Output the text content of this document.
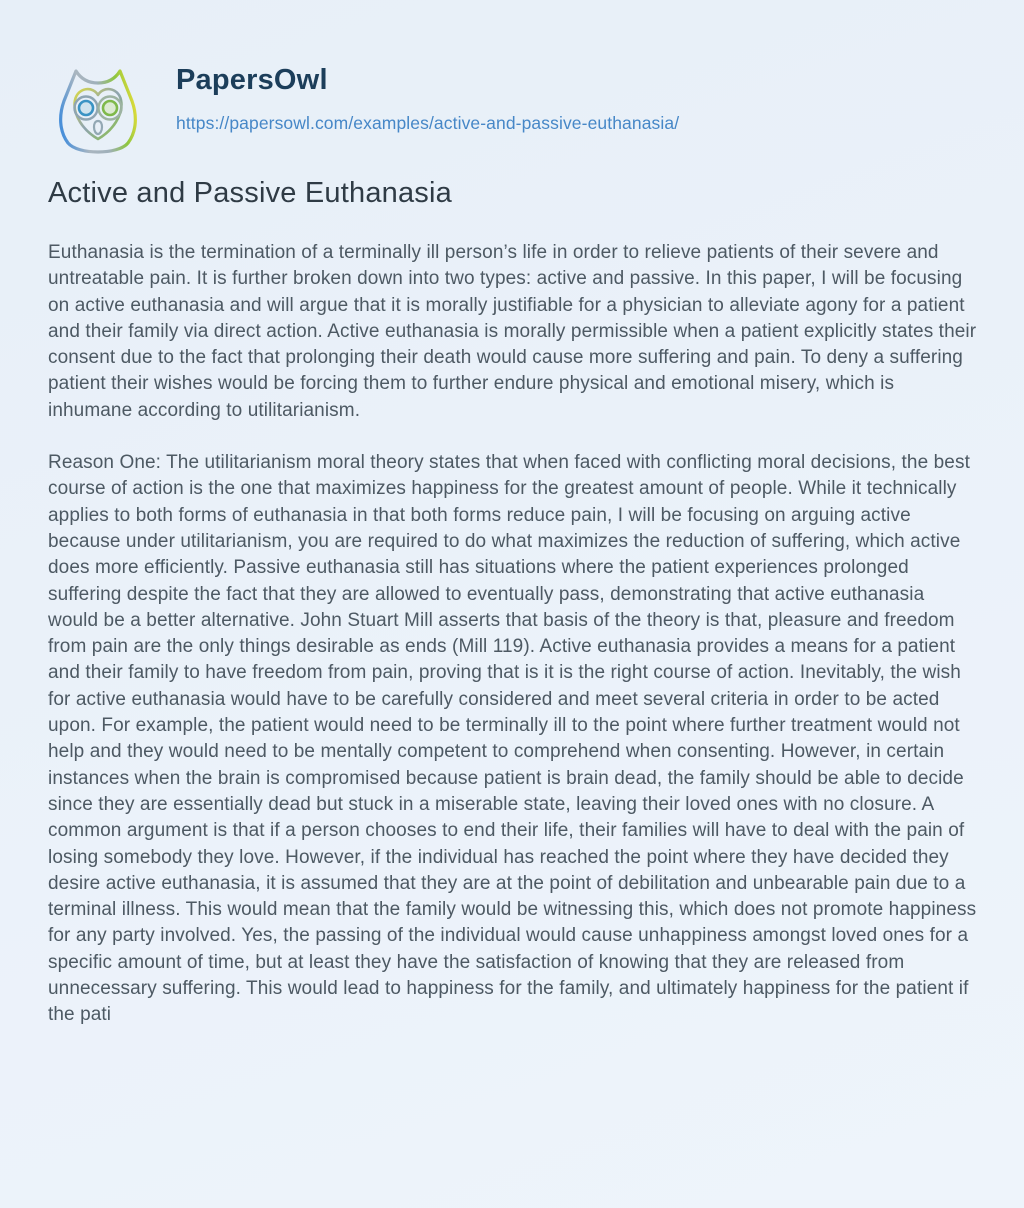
PapersOwl
https://papersowl.com/examples/active-and-passive-euthanasia/
Active and Passive Euthanasia

Euthanasia is the termination of a terminally ill person’s life in order to relieve patients of their severe and untreatable pain. It is further broken down into two types: active and passive. In this paper, I will be focusing on active euthanasia and will argue that it is morally justifiable for a physician to alleviate agony for a patient and their family via direct action. Active euthanasia is morally permissible when a patient explicitly states their consent due to the fact that prolonging their death would cause more suffering and pain. To deny a suffering patient their wishes would be forcing them to further endure physical and emotional misery, which is inhumane according to utilitarianism.

Reason One: The utilitarianism moral theory states that when faced with conflicting moral decisions, the best course of action is the one that maximizes happiness for the greatest amount of people. While it technically applies to both forms of euthanasia in that both forms reduce pain, I will be focusing on arguing active because under utilitarianism, you are required to do what maximizes the reduction of suffering, which active does more efficiently. Passive euthanasia still has situations where the patient experiences prolonged suffering despite the fact that they are allowed to eventually pass, demonstrating that active euthanasia would be a better alternative. John Stuart Mill asserts that basis of the theory is that, pleasure and freedom from pain are the only things desirable as ends (Mill 119). Active euthanasia provides a means for a patient and their family to have freedom from pain, proving that is it is the right course of action. Inevitably, the wish for active euthanasia would have to be carefully considered and meet several criteria in order to be acted upon. For example, the patient would need to be terminally ill to the point where further treatment would not help and they would need to be mentally competent to comprehend when consenting. However, in certain instances when the brain is compromised because patient is brain dead, the family should be able to decide since they are essentially dead but stuck in a miserable state, leaving their loved ones with no closure. A common argument is that if a person chooses to end their life, their families will have to deal with the pain of losing somebody they love. However, if the individual has reached the point where they have decided they desire active euthanasia, it is assumed that they are at the point of debilitation and unbearable pain due to a terminal illness. This would mean that the family would be witnessing this, which does not promote happiness for any party involved. Yes, the passing of the individual would cause unhappiness amongst loved ones for a specific amount of time, but at least they have the satisfaction of knowing that they are released from unnecessary suffering. This would lead to happiness for the family, and ultimately happiness for the patient if the pati
